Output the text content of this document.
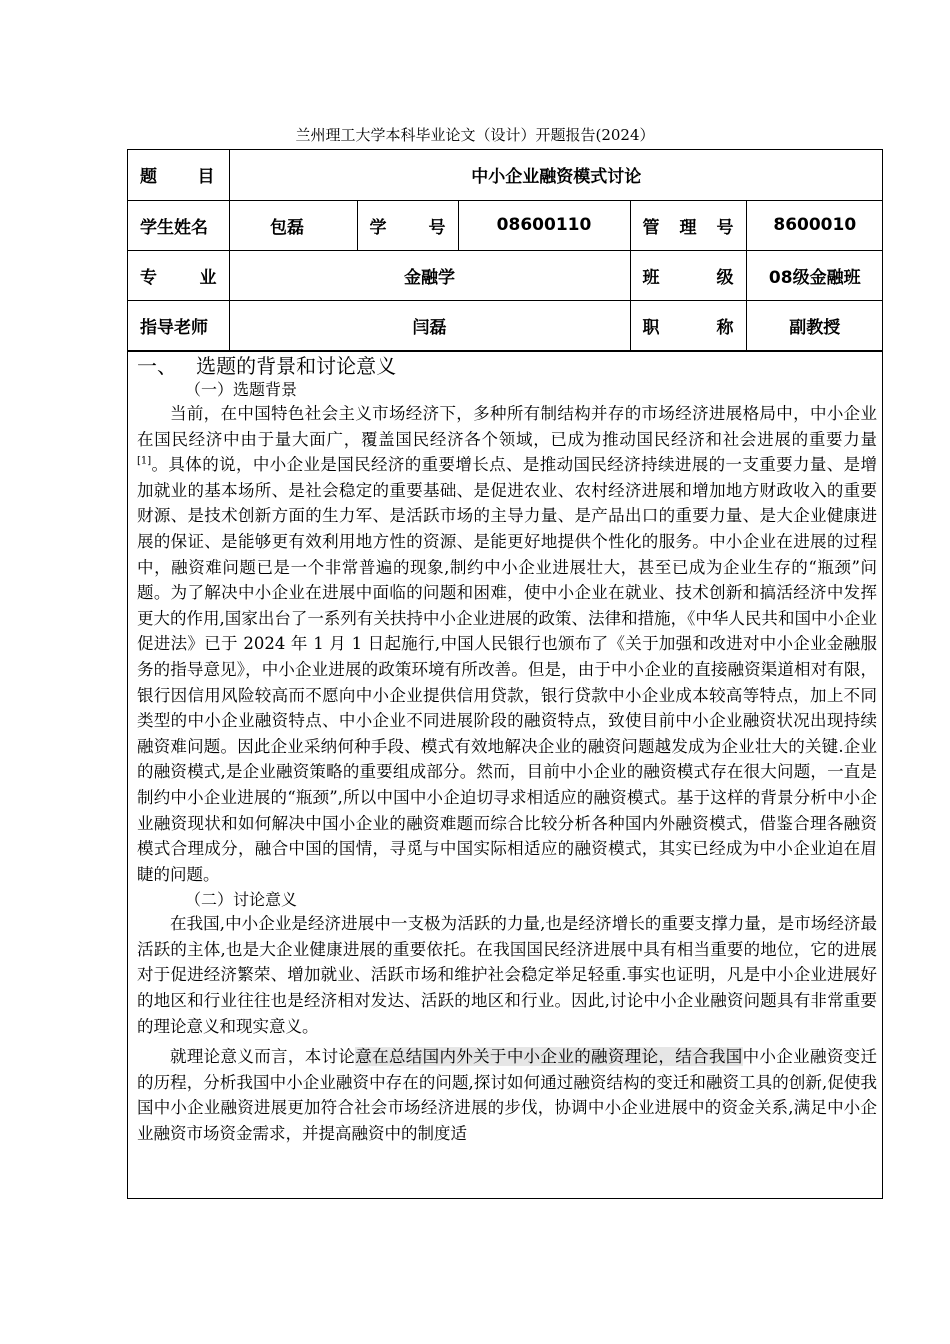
兰州理工大学本科毕业论文（设计）开题报告(2024）
题 目	中小企业融资模式讨论				

学生姓名	包磊	学 号	08600110	管 理 号	8600010

专 业	金融学			班 级	08级金融班

指导老师	闫磊			职 称	副教授
一、   选题的背景和讨论意义
（一）选题背景

当前，在中国特色社会主义市场经济下，多种所有制结构并存的市场经济进展格局中，中小企业在国民经济中由于量大面广，覆盖国民经济各个领域，已成为推动国民经济和社会进展的重要力量[1]。具体的说，中小企业是国民经济的重要增长点、是推动国民经济持续进展的一支重要力量、是增加就业的基本场所、是社会稳定的重要基础、是促进农业、农村经济进展和增加地方财政收入的重要财源、是技术创新方面的生力军、是活跃市场的主导力量、是产品出口的重要力量、是大企业健康进展的保证、是能够更有效利用地方性的资源、是能更好地提供个性化的服务。中小企业在进展的过程中，融资难问题已是一个非常普遍的现象,制约中小企业进展壮大，甚至已成为企业生存的“瓶颈”问题。为了解决中小企业在进展中面临的问题和困难，使中小企业在就业、技术创新和搞活经济中发挥更大的作用,国家出台了一系列有关扶持中小企业进展的政策、法律和措施，《中华人民共和国中小企业促进法》已于 2024 年 1 月 1 日起施行,中国人民银行也颁布了《关于加强和改进对中小企业金融服务的指导意见》，中小企业进展的政策环境有所改善。但是，由于中小企业的直接融资渠道相对有限，银行因信用风险较高而不愿向中小企业提供信用贷款，银行贷款中小企业成本较高等特点，加上不同类型的中小企业融资特点、中小企业不同进展阶段的融资特点，致使目前中小企业融资状况出现持续融资难问题。因此企业采纳何种手段、模式有效地解决企业的融资问题越发成为企业壮大的关键.企业的融资模式,是企业融资策略的重要组成部分。然而，目前中小企业的融资模式存在很大问题，一直是制约中小企业进展的“瓶颈”,所以中国中小企迫切寻求相适应的融资模式。基于这样的背景分析中小企业融资现状和如何解决中国小企业的融资难题而综合比较分析各种国内外融资模式，借鉴合理各融资模式合理成分，融合中国的国情，寻觅与中国实际相适应的融资模式，其实已经成为中小企业迫在眉睫的问题。

（二）讨论意义

在我国,中小企业是经济进展中一支极为活跃的力量,也是经济增长的重要支撑力量，是市场经济最活跃的主体,也是大企业健康进展的重要依托。在我国国民经济进展中具有相当重要的地位，它的进展对于促进经济繁荣、增加就业、活跃市场和维护社会稳定举足轻重.事实也证明，凡是中小企业进展好的地区和行业往往也是经济相对发达、活跃的地区和行业。因此,讨论中小企业融资问题具有非常重要的理论意义和现实意义。

就理论意义而言，本讨论意在总结国内外关于中小企业的融资理论，结合我国中小企业融资变迁的历程，分析我国中小企业融资中存在的问题,探讨如何通过融资结构的变迁和融资工具的创新,促使我国中小企业融资进展更加符合社会市场经济进展的步伐，协调中小企业进展中的资金关系,满足中小企业融资市场资金需求，并提高融资中的制度适
